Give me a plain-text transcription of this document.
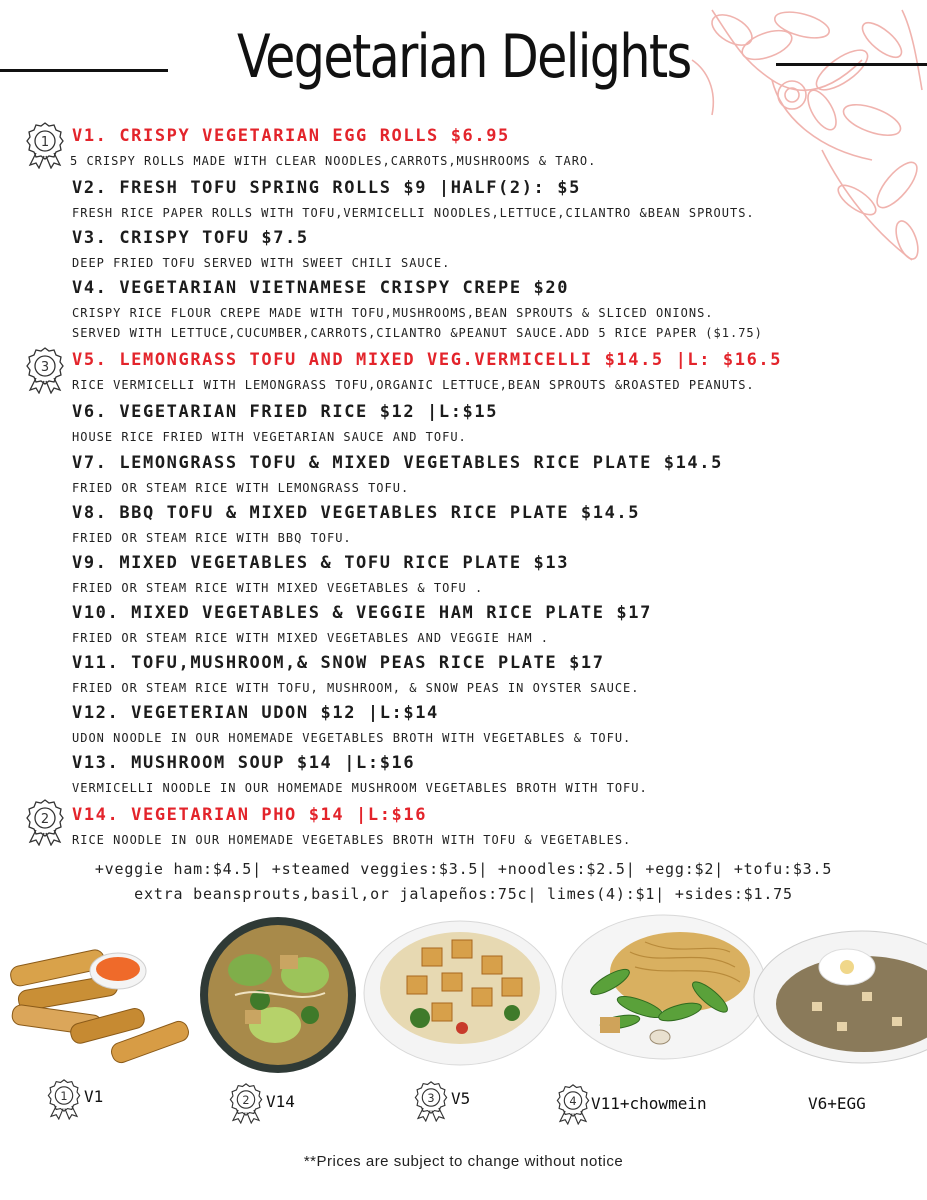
Vegetarian Delights
1
3
2
V1. CRISPY VEGETARIAN EGG ROLLS $6.95
5 CRISPY ROLLS MADE WITH CLEAR NOODLES,CARROTS,MUSHROOMS & TARO.
V2. FRESH TOFU SPRING ROLLS $9 |HALF(2): $5
FRESH RICE PAPER ROLLS WITH TOFU,VERMICELLI NOODLES,LETTUCE,CILANTRO &BEAN SPROUTS.
V3. CRISPY TOFU $7.5
DEEP FRIED TOFU SERVED WITH SWEET CHILI SAUCE.
V4. VEGETARIAN VIETNAMESE CRISPY CREPE $20
CRISPY RICE FLOUR CREPE MADE WITH TOFU,MUSHROOMS,BEAN SPROUTS & SLICED ONIONS.
SERVED WITH LETTUCE,CUCUMBER,CARROTS,CILANTRO &PEANUT SAUCE.ADD 5 RICE PAPER ($1.75)
V5. LEMONGRASS TOFU AND MIXED VEG.VERMICELLI $14.5 |L: $16.5
RICE VERMICELLI WITH LEMONGRASS TOFU,ORGANIC LETTUCE,BEAN SPROUTS &ROASTED PEANUTS.
V6. VEGETARIAN FRIED RICE $12 |L:$15
HOUSE RICE FRIED WITH VEGETARIAN SAUCE AND TOFU.
V7. LEMONGRASS TOFU & MIXED VEGETABLES RICE PLATE $14.5
FRIED OR STEAM RICE WITH LEMONGRASS TOFU.
V8. BBQ TOFU & MIXED VEGETABLES RICE PLATE $14.5
FRIED OR STEAM RICE WITH BBQ TOFU.
V9. MIXED VEGETABLES & TOFU RICE PLATE $13
FRIED OR STEAM RICE WITH MIXED VEGETABLES & TOFU .
V10. MIXED VEGETABLES & VEGGIE HAM RICE PLATE $17
FRIED OR STEAM RICE WITH MIXED VEGETABLES AND VEGGIE HAM .
V11. TOFU,MUSHROOM,& SNOW PEAS RICE PLATE $17
FRIED OR STEAM RICE WITH TOFU, MUSHROOM, & SNOW PEAS IN OYSTER SAUCE.
V12. VEGETERIAN UDON $12 |L:$14
UDON NOODLE IN OUR HOMEMADE VEGETABLES BROTH WITH VEGETABLES & TOFU.
V13. MUSHROOM SOUP $14 |L:$16
VERMICELLI NOODLE IN OUR HOMEMADE MUSHROOM VEGETABLES BROTH WITH TOFU.
V14. VEGETARIAN PHO $14 |L:$16
RICE NOODLE IN OUR HOMEMADE VEGETABLES BROTH WITH TOFU & VEGETABLES.
+veggie ham:$4.5| +steamed veggies:$3.5| +noodles:$2.5| +egg:$2| +tofu:$3.5
extra beansprouts,basil,or jalapeños:75c| limes(4):$1| +sides:$1.75
1 V1	2 V14	3 V5	4 V11+chowmein	V6+EGG
**Prices are subject to change without notice
